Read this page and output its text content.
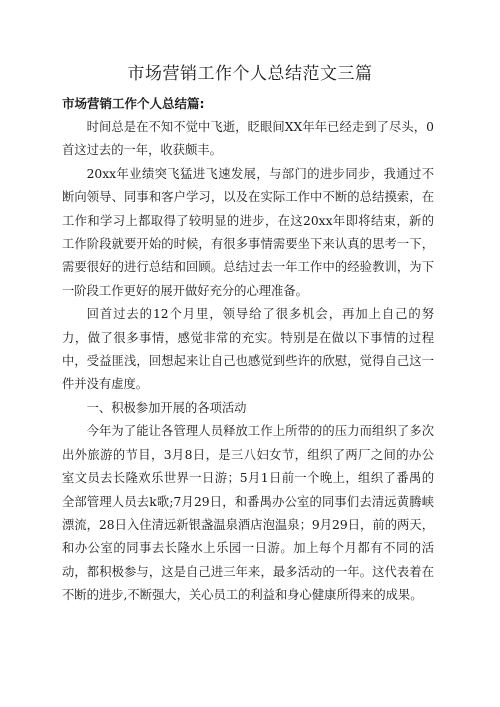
市场营销工作个人总结范文三篇

市场营销工作个人总结篇:

时间总是在不知不觉中飞逝，眨眼间XX年年已经走到了尽头，0首这过去的一年，收获颇丰。

20xx年业绩突飞猛进飞速发展，与部门的进步同步，我通过不断向领导、同事和客户学习，以及在实际工作中不断的总结摸索，在工作和学习上都取得了较明显的进步，在这20xx年即将结束，新的工作阶段就要开始的时候，有很多事情需要坐下来认真的思考一下，需要很好的进行总结和回顾。总结过去一年工作中的经验教训，为下一阶段工作更好的展开做好充分的心理准备。

回首过去的12个月里，领导给了很多机会，再加上自己的努力，做了很多事情，感觉非常的充实。特别是在做以下事情的过程中，受益匪浅，回想起来让自己也感觉到些许的欣慰，觉得自己这一件并没有虚度。

一、积极参加开展的各项活动

今年为了能让各管理人员释放工作上所带的的压力而组织了多次出外旅游的节目，3月8日，是三八妇女节，组织了两厂之间的办公室文员去长隆欢乐世界一日游；5月1日前一个晚上，组织了番禺的全部管理人员去k歌;7月29日，和番禺办公室的同事们去清远黄腾峡漂流，28日入住清远新银盏温泉酒店泡温泉；9月29日，前的两天，和办公室的同事去长隆水上乐园一日游。加上每个月都有不同的活动，都积极参与，这是自己进三年来，最多活动的一年。这代表着在不断的进步,不断强大，关心员工的利益和身心健康所得来的成果。
